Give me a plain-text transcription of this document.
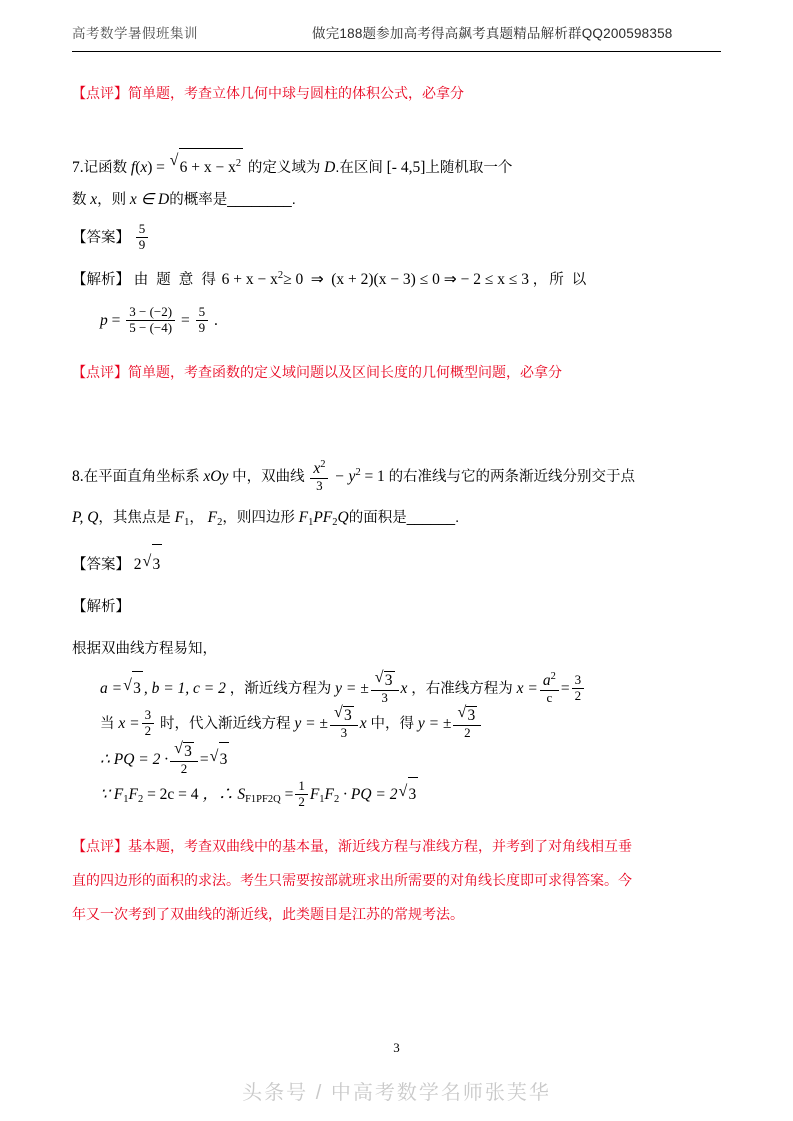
高考数学暑假班集训	做完188题参加高考得高飙考真题精品解析群QQ200598358

【点评】简单题，考查立体几何中球与圆柱的体积公式，必拿分

7.记函数 f(x) = √ $6 + x - x^2$ 的定义域为 D.在区间 [- 4,5]上随机取一个

数 x，则 x ∈ D的概率是________.

【答案】 $\frac{5}{9}$

【解析】 由 题 意 得 $6 + x - x^2\ge 0$ ⇒ (x + 2)(x − 3) ≤ 0 ⇒ − 2 ≤ x ≤ 3 ，所 以

$p = \frac{3 - (-2)}{5 - (-4)} = \frac{5}{9}$ .

【点评】简单题，考查函数的定义域问题以及区间长度的几何概型问题，必拿分

8.在平面直角坐标系 xOy 中，双曲线 $\frac{x^2}{3} - y^2 = 1$ 的右准线与它的两条渐近线分别交于点

P, Q，其焦点是 $F_1$， $F_2$，则四边形 $F_1PF_2Q$的面积是______.

【答案】 2 √ 3

【解析】

根据双曲线方程易知，

a = √ 3 , b = 1, c = 2 ，渐近线方程为 y = ± √ $\frac{3}{3}$ x ，右准线方程为 $x = \frac{a^2}{c} = \frac{3}{2}$

当 $x = \frac{3}{2}$ 时，代入渐近线方程 y = ± √ $\frac{3}{3}$ x 中，得 y = ± √ $\frac{3}{2}$

∴ PQ = 2 · √ $\frac{3}{2}$ = √ 3

∵ $F_1F_2 = 2c = 4$ ，∴ $S_{F1PF2Q} = \frac{1}{2} F_1F_2$ · PQ = 2 √ 3

【点评】基本题，考查双曲线中的基本量，渐近线方程与准线方程，并考到了对角线相互垂

直的四边形的面积的求法。考生只需要按部就班求出所需要的对角线长度即可求得答案。今

年又一次考到了双曲线的渐近线，此类题目是江苏的常规考法。

3
头条号 / 中高考数学名师张芙华
